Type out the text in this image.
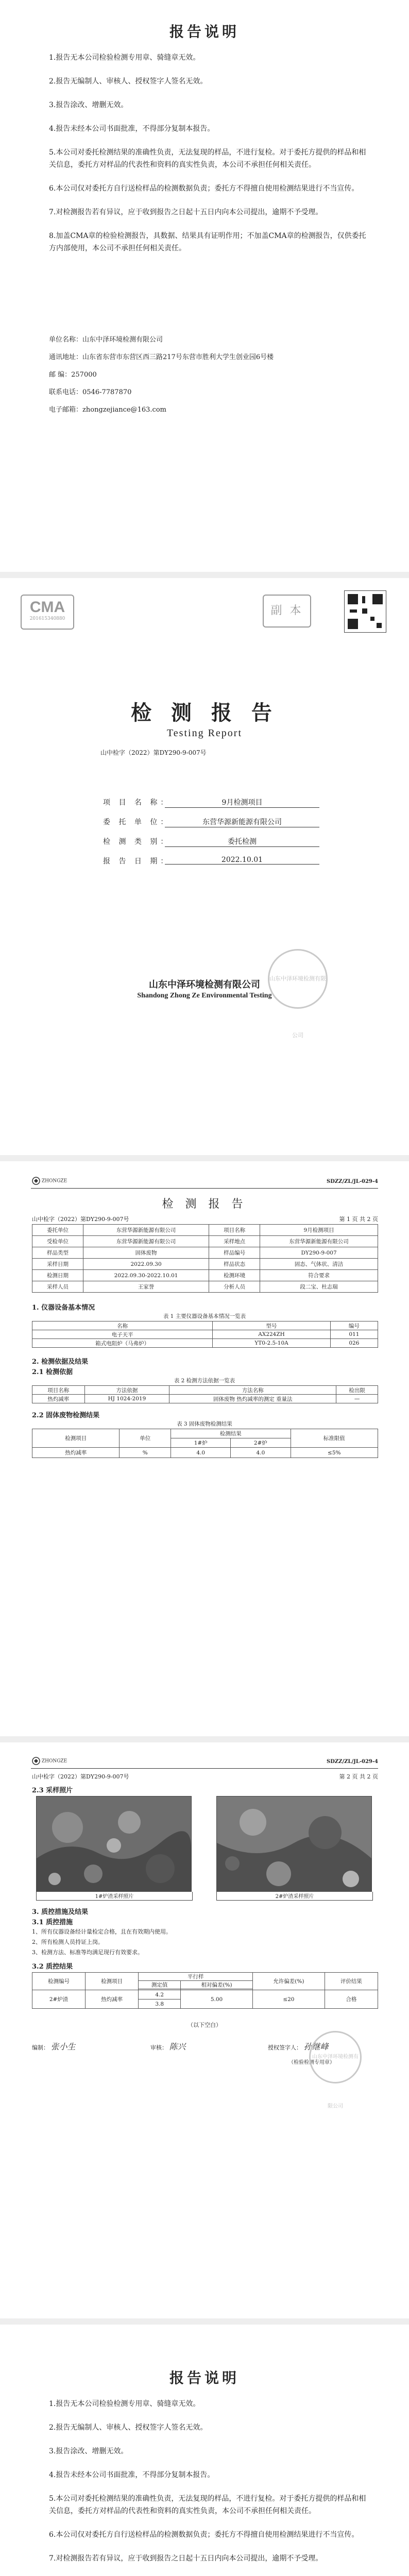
报告说明

1.报告无本公司检验检测专用章、骑缝章无效。

2.报告无编制人、审核人、授权签字人签名无效。

3.报告涂改、增删无效。

4.报告未经本公司书面批准，不得部分复制本报告。

5.本公司对委托检测结果的准确性负责，无法复现的样品，不进行复检。对于委托方提供的样品和相关信息，委托方对样品的代表性和资料的真实性负责，本公司不承担任何相关责任。

6.本公司仅对委托方自行送检样品的检测数据负责；委托方不得擅自使用检测结果进行不当宣传。

7.对检测报告若有异议，应于收到报告之日起十五日内向本公司提出，逾期不予受理。

8.加盖CMA章的检验检测报告，具数据、结果具有证明作用；不加盖CMA章的检测报告，仅供委托方内部使用，本公司不承担任何相关责任。

单位名称：山东中泽环境检测有限公司

通讯地址：山东省东营市东营区西三路217号东营市胜利大学生创业园6号楼

邮 编：257000

联系电话：0546-7787870

电子邮箱：zhongzejiance@163.com

CMA
201615340880
副 本
检 测 报 告
Testing Report
山中检字（2022）第DY290-9-007号
项 目 名 称：	9月检测项目
委 托 单 位：	东营华源新能源有限公司
检 测 类 别：	委托检测
报 告 日 期：	2022.10.01
山东中泽环境检测有限公司
山东中泽环境检测有限公司
Shandong Zhong Ze Environmental Testing
ZHONGZE	SDZZ/ZL/JL-029-4
检 测 报 告
山中检字（2022）第DY290-9-007号	第 1 页 共 2 页
委托单位	东营华源新能源有限公司	项目名称	9月检测项目
受检单位	东营华源新能源有限公司	采样地点	东营华源新能源有限公司
样品类型	固体废物	样品编号	DY290-9-007
采样日期	2022.09.30	样品状态	固态、气体状、清洁
检测日期	2022.09.30-2022.10.01	检测环境	符合要求
采样人员	王家誉	分析人员	段二宝、杜志瑞
1. 仪器设备基本情况
表 1 主要仪器设备基本情况一览表
名称	型号	编号
电子天平	AX224ZH	011
箱式电阻炉（马弗炉）	YT0-2.5-10A	026
2. 检测依据及结果
2.1 检测依据
表 2 检测方法依据一览表
项目名称	方法依据	方法名称	检出限
热灼减率	HJ 1024-2019	固体废物 热灼减率的测定 重量法	—
2.2 固体废物检测结果
表 3 固体废物检测结果
检测项目	单位	检测结果		标准限值
		1#炉	2#炉	
热灼减率	%	4.0	4.0	≤5%
ZHONGZE	SDZZ/ZL/JL-029-4
山中检字（2022）第DY290-9-007号	第 2 页 共 2 页
2.3 采样照片
1#炉渣采样照片	2#炉渣采样照片
3. 质控措施及结果
3.1 质控措施
1、所有仪器设备经计量检定合格，且在有效期内使用。
2、所有检测人员持证上岗。
3、检测方法、标准等均满足现行有效要求。
3.2 质控结果
检测编号	检测项目	平行样		允许偏差(%)	评价结果
		测定值	相对偏差(%)		

2#炉渣	热灼减率	4.2	5.00	≤20	合格
		3.8			
（以下空白）
编制： 张小生	审核： 陈兴	授权签字人： 孙继峰
（检验检测专用章）
山东中泽环境检测有限公司
报告说明

1.报告无本公司检验检测专用章、骑缝章无效。

2.报告无编制人、审核人、授权签字人签名无效。

3.报告涂改、增删无效。

4.报告未经本公司书面批准，不得部分复制本报告。

5.本公司对委托检测结果的准确性负责，无法复现的样品，不进行复检。对于委托方提供的样品和相关信息，委托方对样品的代表性和资料的真实性负责，本公司不承担任何相关责任。

6.本公司仅对委托方自行送检样品的检测数据负责；委托方不得擅自使用检测结果进行不当宣传。

7.对检测报告若有异议，应于收到报告之日起十五日内向本公司提出，逾期不予受理。
